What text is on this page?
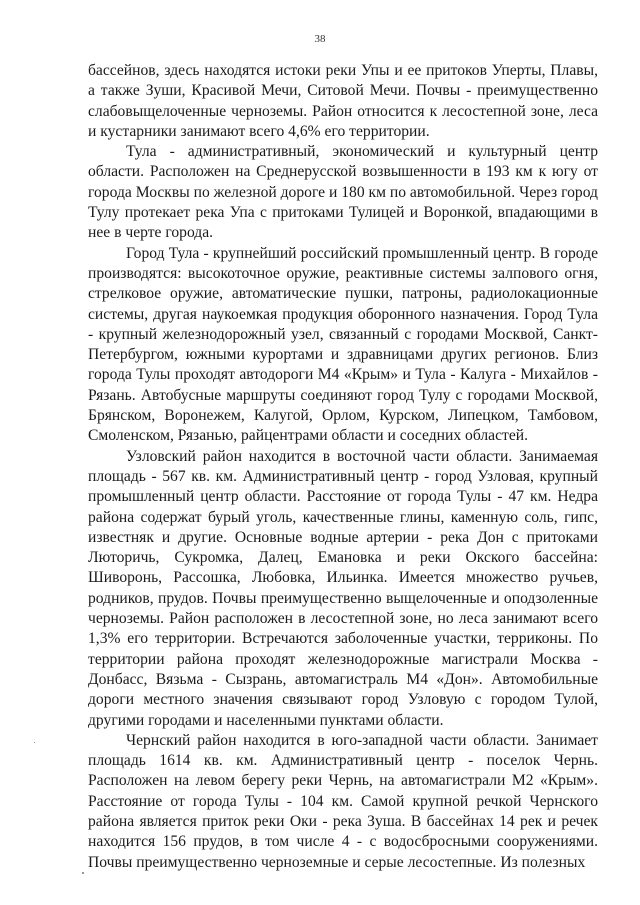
38

бассейнов, здесь находятся истоки реки Упы и ее притоков Уперты, Плавы, а также Зуши, Красивой Мечи, Ситовой Мечи. Почвы - преимущественно слабовыщелоченные черноземы. Район относится к лесостепной зоне, леса и кустарники занимают всего 4,6% его территории.

Тула - административный, экономический и культурный центр области. Расположен на Среднерусской возвышенности в 193 км к югу от города Москвы по железной дороге и 180 км по автомобильной. Через город Тулу протекает река Упа с притоками Тулицей и Воронкой, впадающими в нее в черте города.

Город Тула - крупнейший российский промышленный центр. В городе производятся: высокоточное оружие, реактивные системы залпового огня, стрелковое оружие, автоматические пушки, патроны, радиолокационные системы, другая наукоемкая продукция оборонного назначения. Город Тула - крупный железнодорожный узел, связанный с городами Москвой, Санкт-Петербургом, южными курортами и здравницами других регионов. Близ города Тулы проходят автодороги М4 «Крым» и Тула - Калуга - Михайлов - Рязань. Автобусные маршруты соединяют город Тулу с городами Москвой, Брянском, Воронежем, Калугой, Орлом, Курском, Липецком, Тамбовом, Смоленском, Рязанью, райцентрами области и соседних областей.

Узловский район находится в восточной части области. Занимаемая площадь - 567 кв. км. Административный центр - город Узловая, крупный промышленный центр области. Расстояние от города Тулы - 47 км. Недра района содержат бурый уголь, качественные глины, каменную соль, гипс, известняк и другие. Основные водные артерии - река Дон с притоками Люторичь, Сукромка, Далец, Емановка и реки Окского бассейна: Шиворонь, Рассошка, Любовка, Ильинка. Имеется множество ручьев, родников, прудов. Почвы преимущественно выщелоченные и оподзоленные черноземы. Район расположен в лесостепной зоне, но леса занимают всего 1,3% его территории. Встречаются заболоченные участки, терриконы. По территории района проходят железнодорожные магистрали Москва - Донбасс, Вязьма - Сызрань, автомагистраль М4 «Дон». Автомобильные дороги местного значения связывают город Узловую с городом Тулой, другими городами и населенными пунктами области.

Чернский район находится в юго-западной части области. Занимает площадь 1614 кв. км. Административный центр - поселок Чернь. Расположен на левом берегу реки Чернь, на автомагистрали М2 «Крым». Расстояние от города Тулы - 104 км. Самой крупной речкой Чернского района является приток реки Оки - река Зуша. В бассейнах 14 рек и речек находится 156 прудов, в том числе 4 - с водосбросными сооружениями. Почвы преимущественно черноземные и серые лесостепные. Из полезных
